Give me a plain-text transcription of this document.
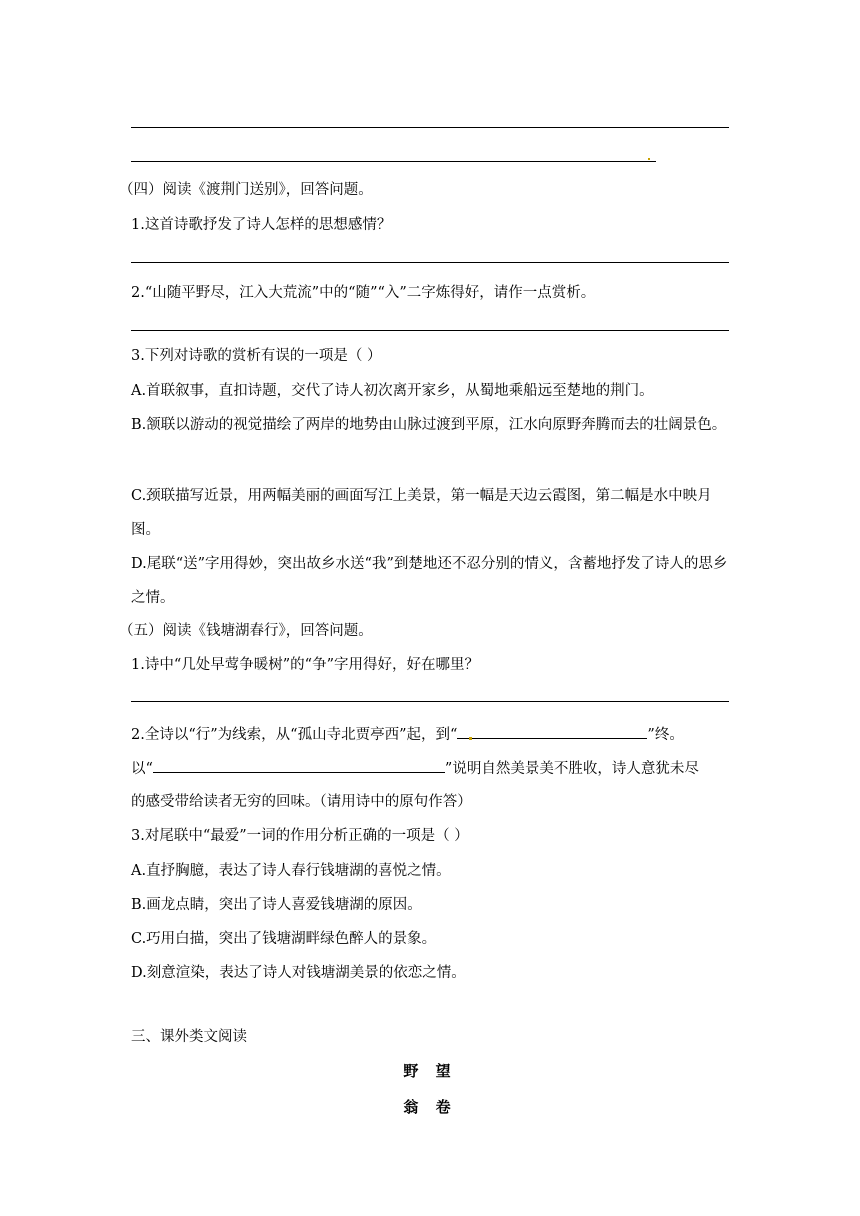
（四）阅读《渡荆门送别》，回答问题。
1.这首诗歌抒发了诗人怎样的思想感情？
2.“山随平野尽，江入大荒流”中的“随”“入”二字炼得好，请作一点赏析。
3.下列对诗歌的赏析有误的一项是（ ）
A.首联叙事，直扣诗题，交代了诗人初次离开家乡，从蜀地乘船远至楚地的荆门。
B.颔联以游动的视觉描绘了两岸的地势由山脉过渡到平原，江水向原野奔腾而去的壮阔景色。
C.颈联描写近景，用两幅美丽的画面写江上美景，第一幅是天边云霞图，第二幅是水中映月图。
D.尾联“送”字用得妙，突出故乡水送“我”到楚地还不忍分别的情义，含蓄地抒发了诗人的思乡之情。
（五）阅读《钱塘湖春行》，回答问题。
1.诗中“几处早莺争暖树”的“争”字用得好，好在哪里？
2.全诗以“行”为线索，从“孤山寺北贾亭西”起，到“	”终。
以“	”说明自然美景美不胜收，诗人意犹未尽
的感受带给读者无穷的回味。（请用诗中的原句作答）
3.对尾联中“最爱”一词的作用分析正确的一项是（ ）
A.直抒胸臆，表达了诗人春行钱塘湖的喜悦之情。
B.画龙点睛，突出了诗人喜爱钱塘湖的原因。
C.巧用白描，突出了钱塘湖畔绿色醉人的景象。
D.刻意渲染，表达了诗人对钱塘湖美景的依恋之情。
三、课外类文阅读
野 望
翁 卷
